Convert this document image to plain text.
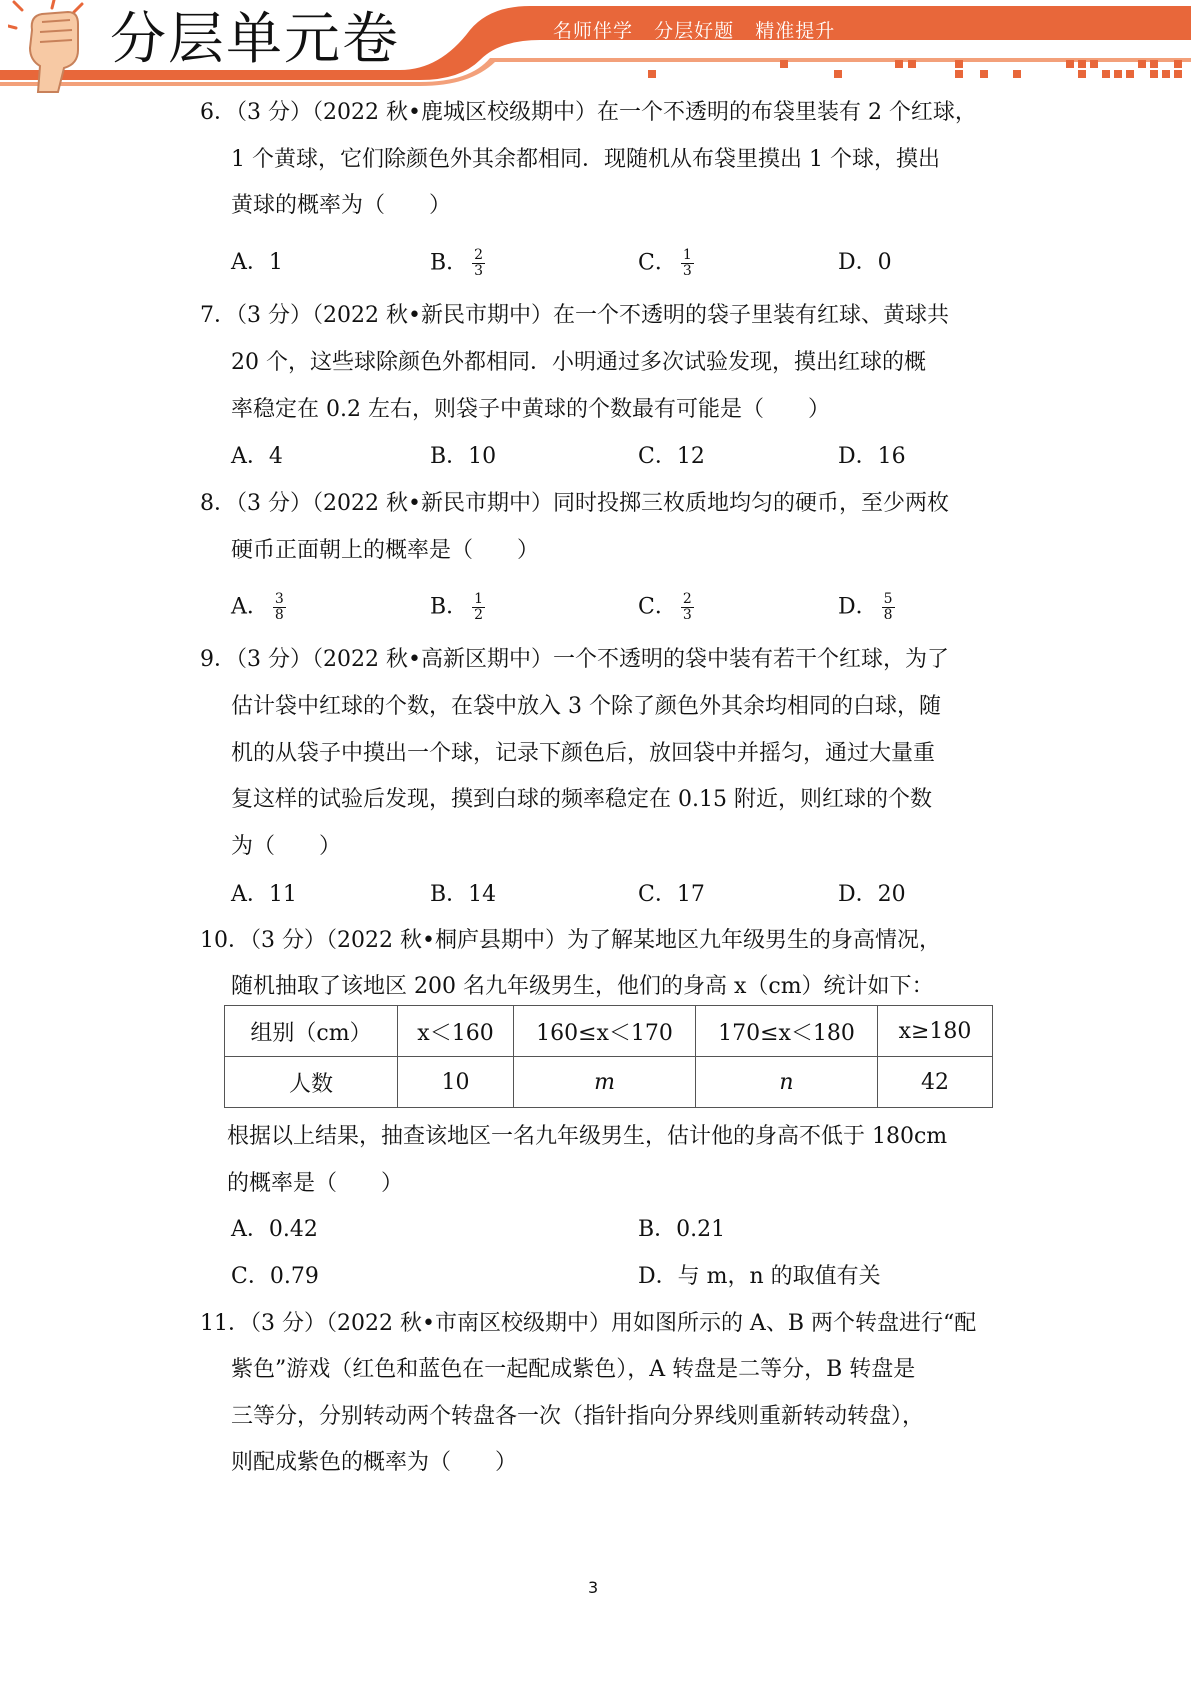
分层单元卷	名师伴学   分层好题   精准提升
6．（3 分）（2022 秋•鹿城区校级期中）在一个不透明的布袋里装有 2 个红球，
1 个黄球，它们除颜色外其余都相同．现随机从布袋里摸出 1 个球，摸出
黄球的概率为（　　）
A．1	B． $\frac{2}{3}$	C． $\frac{1}{3}$	D．0
7．（3 分）（2022 秋•新民市期中）在一个不透明的袋子里装有红球、黄球共
20 个，这些球除颜色外都相同．小明通过多次试验发现，摸出红球的概
率稳定在 0.2 左右，则袋子中黄球的个数最有可能是（　　）
A．4	B．10	C．12	D．16
8．（3 分）（2022 秋•新民市期中）同时投掷三枚质地均匀的硬币，至少两枚
硬币正面朝上的概率是（　　）
A． $\frac{3}{8}$	B． $\frac{1}{2}$	C． $\frac{2}{3}$	D． $\frac{5}{8}$
9．（3 分）（2022 秋•高新区期中）一个不透明的袋中装有若干个红球，为了
估计袋中红球的个数，在袋中放入 3 个除了颜色外其余均相同的白球，随
机的从袋子中摸出一个球，记录下颜色后，放回袋中并摇匀，通过大量重
复这样的试验后发现，摸到白球的频率稳定在 0.15 附近，则红球的个数
为（　　）
A．11	B．14	C．17	D．20
10．（3 分）（2022 秋•桐庐县期中）为了解某地区九年级男生的身高情况，
随机抽取了该地区 200 名九年级男生，他们的身高 x（cm）统计如下：
组别（cm）	x＜160	160≤x＜170	170≤x＜180	x≥180
人数	10	m	n	42
根据以上结果，抽查该地区一名九年级男生，估计他的身高不低于 180cm
的概率是（　　）
A．0.42	B．0.21
C．0.79	D．与 m，n 的取值有关
11．（3 分）（2022 秋•市南区校级期中）用如图所示的 A、B 两个转盘进行“配
紫色”游戏（红色和蓝色在一起配成紫色），A 转盘是二等分，B 转盘是
三等分，分别转动两个转盘各一次（指针指向分界线则重新转动转盘），
则配成紫色的概率为（　　）
3
